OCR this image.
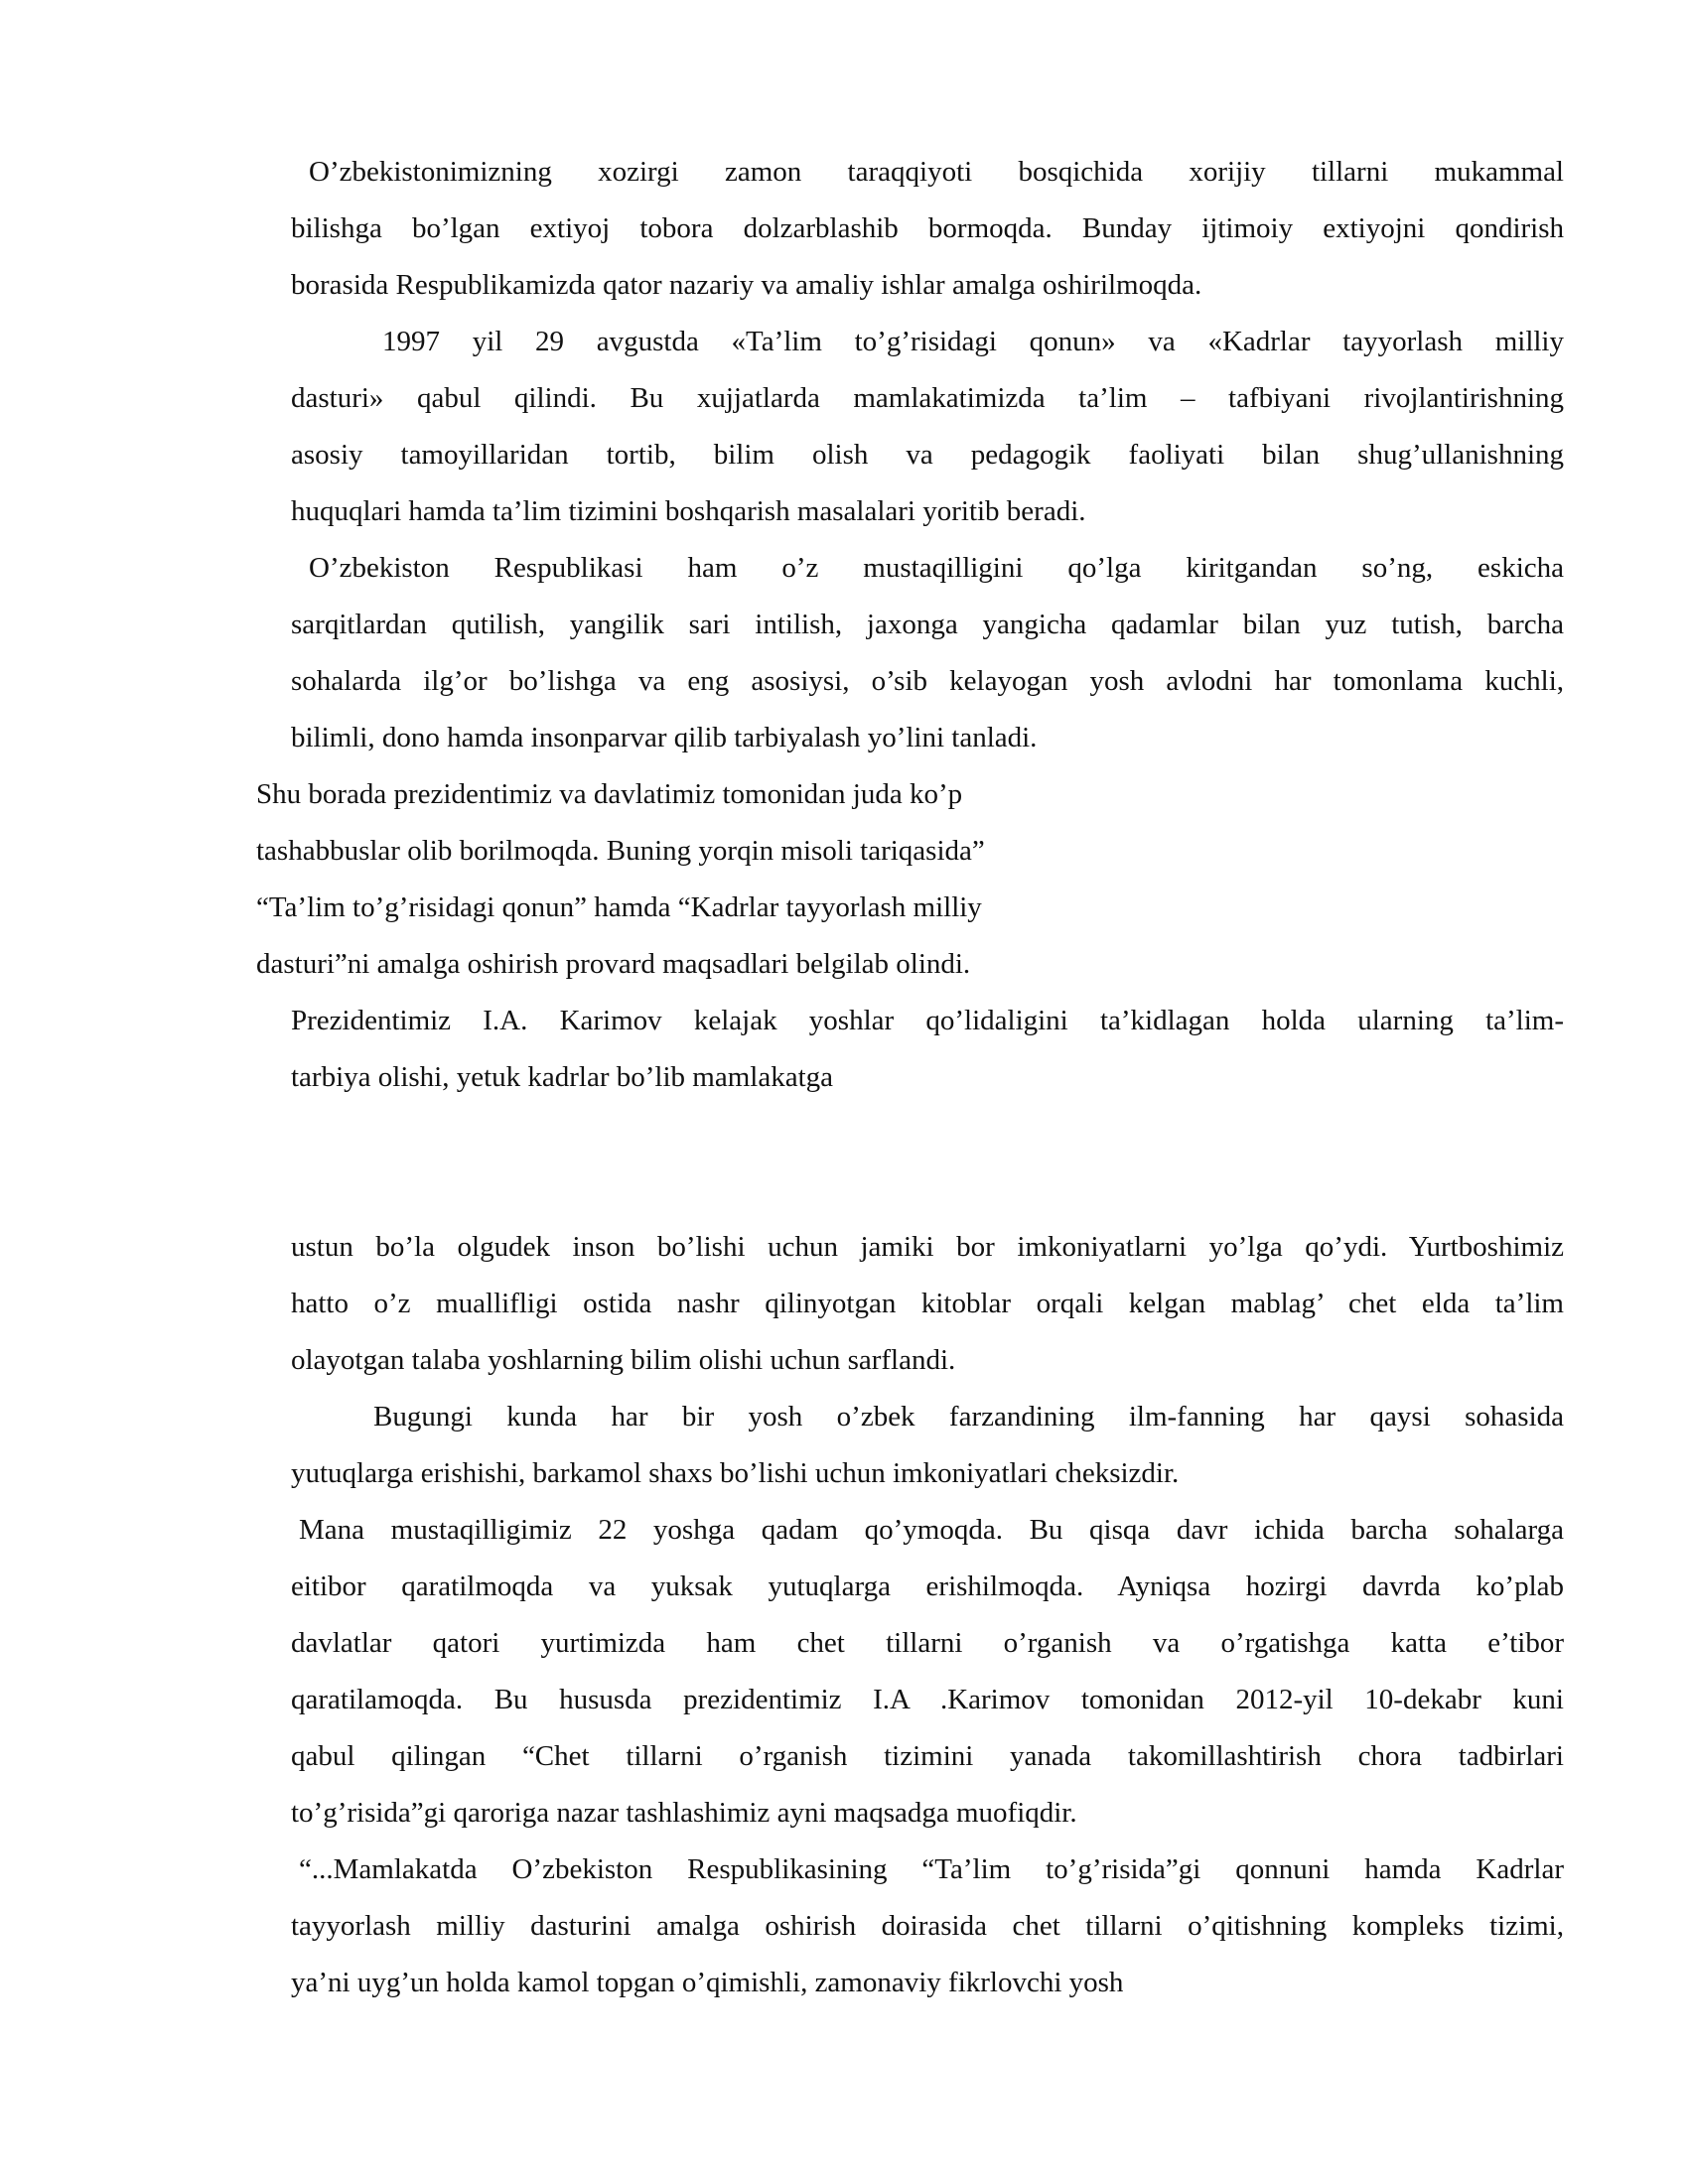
O’zbekistonimizning xozirgi zamon taraqqiyoti bosqichida xorijiy tillarni mukammal
bilishga bo’lgan extiyoj tobora dolzarblashib bormoqda. Bunday ijtimoiy extiyojni qondirish
borasida Respublikamizda qator nazariy va amaliy ishlar amalga oshirilmoqda.
1997 yil 29 avgustda «Ta’lim to’g’risidagi qonun» va «Kadrlar tayyorlash milliy
dasturi» qabul qilindi. Bu xujjatlarda mamlakatimizda ta’lim – tafbiyani rivojlantirishning
asosiy tamoyillaridan tortib, bilim olish va pedagogik faoliyati bilan shug’ullanishning
huquqlari hamda ta’lim tizimini boshqarish masalalari yoritib beradi.
O’zbekiston Respublikasi ham o’z mustaqilligini qo’lga kiritgandan so’ng, eskicha
sarqitlardan qutilish, yangilik sari intilish, jaxonga yangicha qadamlar bilan yuz tutish, barcha
sohalarda ilg’or bo’lishga va eng asosiysi, o’sib kelayogan yosh avlodni har tomonlama kuchli,
bilimli, dono hamda insonparvar qilib tarbiyalash yo’lini tanladi.
Shu borada prezidentimiz va davlatimiz tomonidan juda ko’p
tashabbuslar olib borilmoqda. Buning yorqin misoli tariqasida”
“Ta’lim to’g’risidagi qonun” hamda “Kadrlar tayyorlash milliy
dasturi”ni amalga oshirish provard maqsadlari belgilab olindi.
Prezidentimiz I.A. Karimov kelajak yoshlar qo’lidaligini ta’kidlagan holda ularning ta’lim-
tarbiya olishi, yetuk kadrlar bo’lib mamlakatga
ustun bo’la olgudek inson bo’lishi uchun jamiki bor imkoniyatlarni yo’lga qo’ydi. Yurtboshimiz
hatto o’z muallifligi ostida nashr qilinyotgan kitoblar orqali kelgan mablag’ chet elda ta’lim
olayotgan talaba yoshlarning bilim olishi uchun sarflandi.
Bugungi kunda har bir yosh o’zbek farzandining ilm-fanning har qaysi sohasida
yutuqlarga erishishi, barkamol shaxs bo’lishi uchun imkoniyatlari cheksizdir.
Mana mustaqilligimiz 22 yoshga qadam qo’ymoqda. Bu qisqa davr ichida barcha sohalarga
eitibor qaratilmoqda va yuksak yutuqlarga erishilmoqda. Ayniqsa hozirgi davrda ko’plab
davlatlar qatori yurtimizda ham chet tillarni o’rganish va o’rgatishga katta e’tibor
qaratilamoqda. Bu hususda prezidentimiz I.A .Karimov tomonidan 2012-yil 10-dekabr kuni
qabul qilingan “Chet tillarni o’rganish tizimini yanada takomillashtirish chora tadbirlari
to’g’risida”gi qaroriga nazar tashlashimiz ayni maqsadga muofiqdir.
“...Mamlakatda O’zbekiston Respublikasining “Ta’lim to’g’risida”gi qonnuni hamda Kadrlar
tayyorlash milliy dasturini amalga oshirish doirasida chet tillarni o’qitishning kompleks tizimi,
ya’ni uyg’un holda kamol topgan o’qimishli, zamonaviy fikrlovchi yosh
